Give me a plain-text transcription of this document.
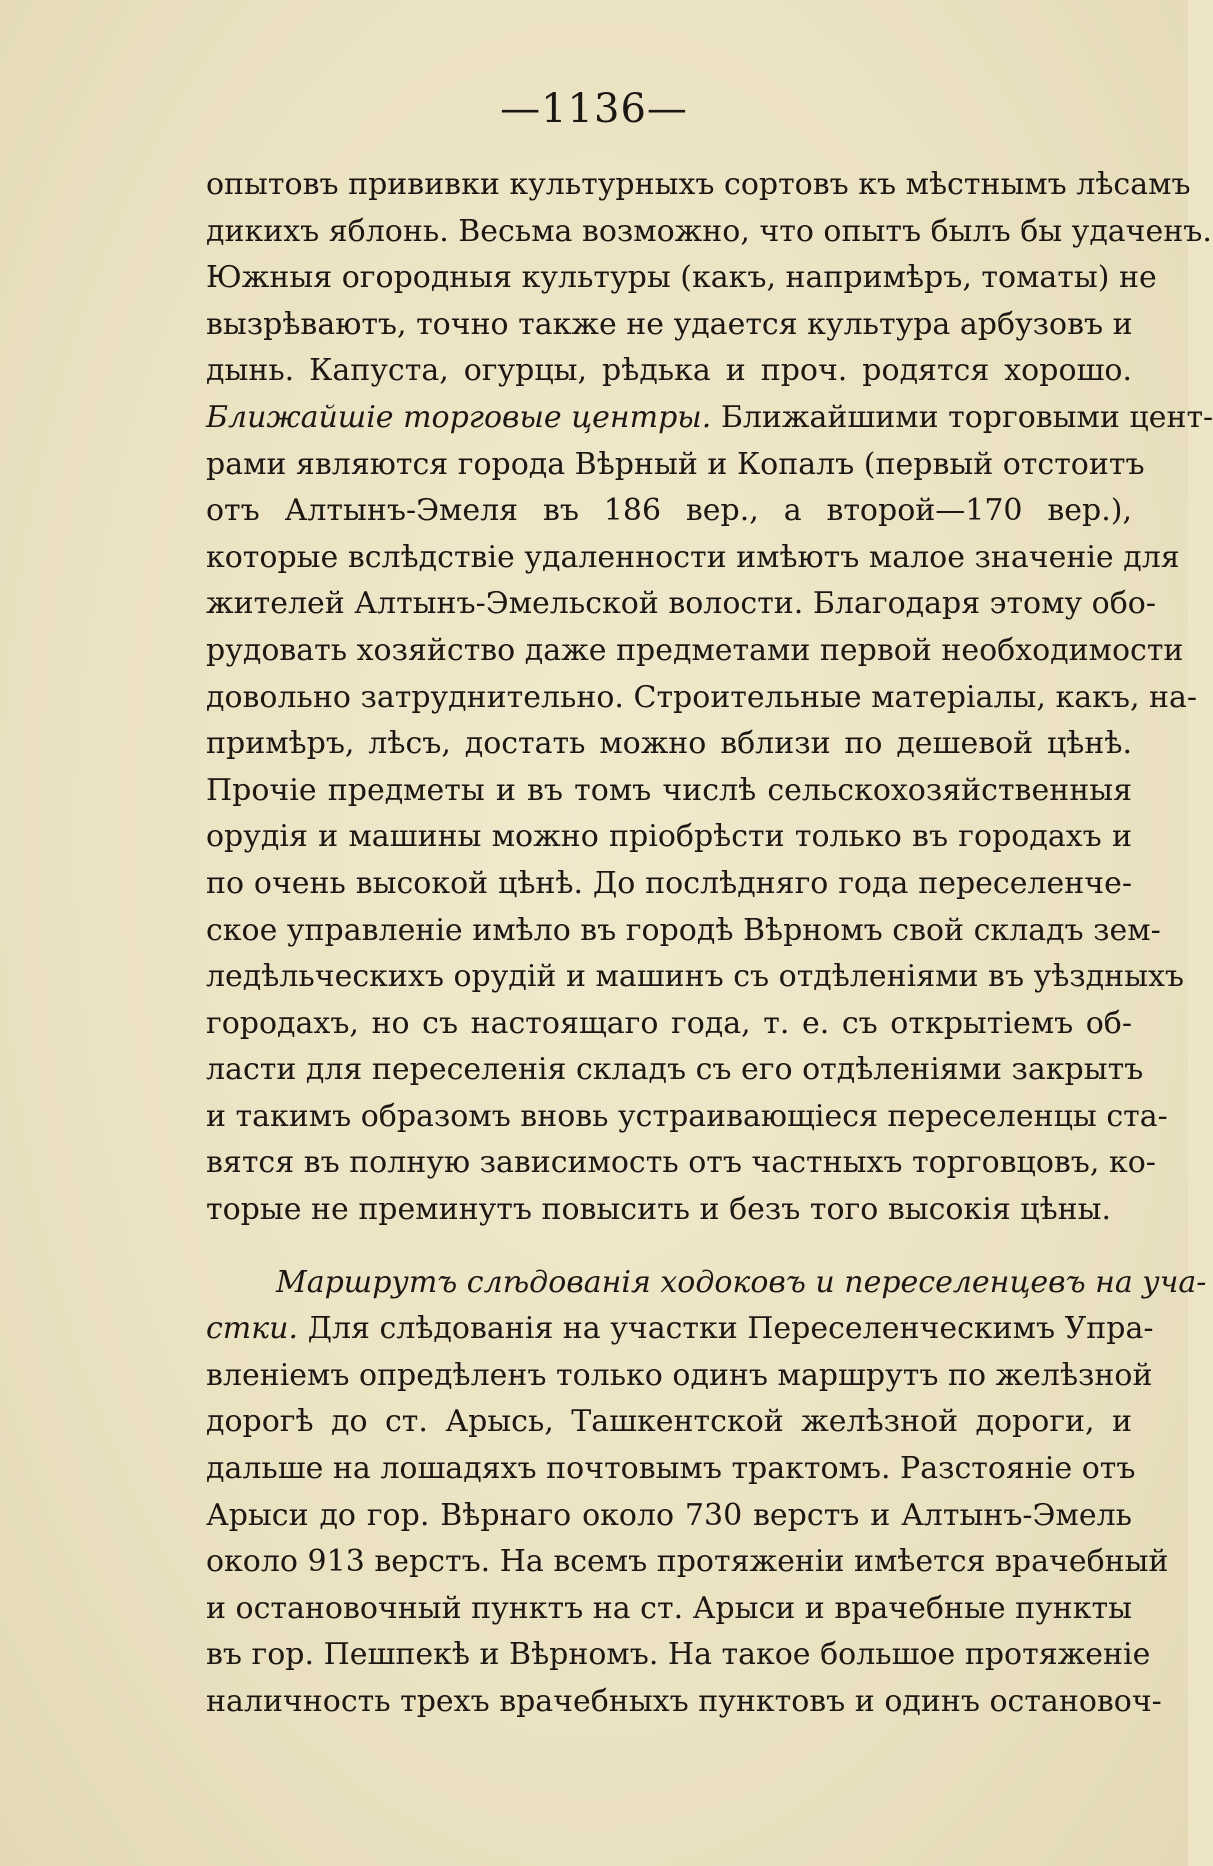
—1136—
опытовъ прививки культурныхъ сортовъ къ мѣстнымъ лѣсамъ
дикихъ яблонь. Весьма возможно, что опытъ былъ бы удаченъ.
Южныя огородныя культуры (какъ, напримѣръ, томаты) не
вызрѣваютъ, точно также не удается культура арбузовъ и
дынь. Капуста, огурцы, рѣдька и проч. родятся хорошо.
Ближайшіе торговые центры. Ближайшими торговыми цент-
рами являются города Вѣрный и Копалъ (первый отстоитъ
отъ Алтынъ-Эмеля въ 186 вер., а второй—170 вер.),
которые вслѣдствіе удаленности имѣютъ малое значеніе для
жителей Алтынъ-Эмельской волости. Благодаря этому обо-
рудовать хозяйство даже предметами первой необходимости
довольно затруднительно. Строительные матеріалы, какъ, на-
примѣръ, лѣсъ, достать можно вблизи по дешевой цѣнѣ.
Прочіе предметы и въ томъ числѣ сельскохозяйственныя
орудія и машины можно пріобрѣсти только въ городахъ и
по очень высокой цѣнѣ. До послѣдняго года переселенче-
ское управленіе имѣло въ городѣ Вѣрномъ свой складъ зем-
ледѣльческихъ орудій и машинъ съ отдѣленіями въ уѣздныхъ
городахъ, но съ настоящаго года, т. е. съ открытіемъ об-
ласти для переселенія складъ съ его отдѣленіями закрытъ
и такимъ образомъ вновь устраивающіеся переселенцы ста-
вятся въ полную зависимость отъ частныхъ торговцовъ, ко-
торые не преминутъ повысить и безъ того высокія цѣны.
Маршрутъ слѣдованія ходоковъ и переселенцевъ на уча-
стки. Для слѣдованія на участки Переселенческимъ Упра-
вленіемъ опредѣленъ только одинъ маршрутъ по желѣзной
дорогѣ до ст. Арысь, Ташкентской желѣзной дороги, и
дальше на лошадяхъ почтовымъ трактомъ. Разстояніе отъ
Арыси до гор. Вѣрнаго около 730 верстъ и Алтынъ-Эмель
около 913 верстъ. На всемъ протяженіи имѣется врачебный
и остановочный пунктъ на ст. Арыси и врачебные пункты
въ гор. Пешпекѣ и Вѣрномъ. На такое большое протяженіе
наличность трехъ врачебныхъ пунктовъ и одинъ остановоч-
